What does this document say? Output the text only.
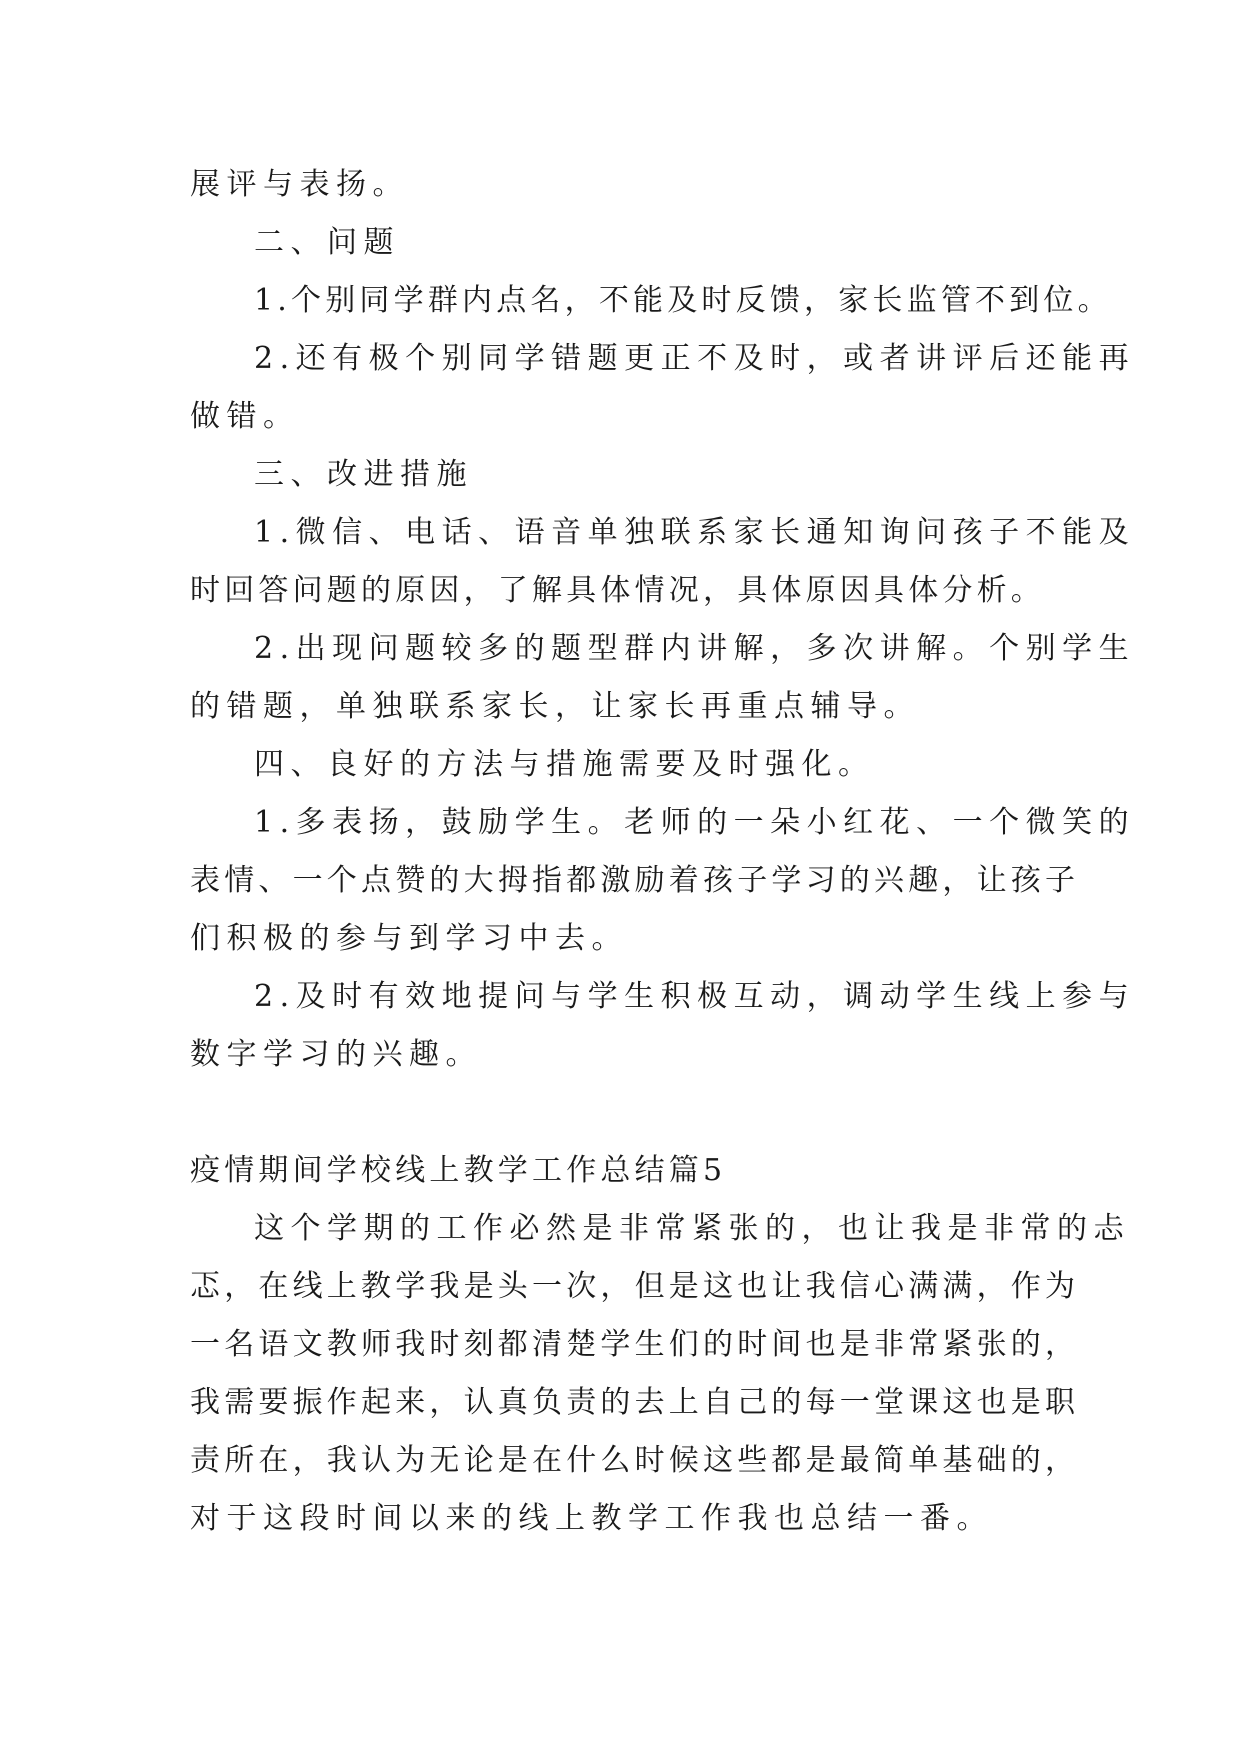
展评与表扬。
二、问题
1.个别同学群内点名，不能及时反馈，家长监管不到位。
2.还有极个别同学错题更正不及时，或者讲评后还能再
做错。
三、改进措施
1.微信、电话、语音单独联系家长通知询问孩子不能及
时回答问题的原因，了解具体情况，具体原因具体分析。
2.出现问题较多的题型群内讲解，多次讲解。个别学生
的错题，单独联系家长，让家长再重点辅导。
四、良好的方法与措施需要及时强化。
1.多表扬，鼓励学生。老师的一朵小红花、一个微笑的
表情、一个点赞的大拇指都激励着孩子学习的兴趣，让孩子
们积极的参与到学习中去。
2.及时有效地提问与学生积极互动，调动学生线上参与
数字学习的兴趣。
疫情期间学校线上教学工作总结篇5
这个学期的工作必然是非常紧张的，也让我是非常的忐
忑，在线上教学我是头一次，但是这也让我信心满满，作为
一名语文教师我时刻都清楚学生们的时间也是非常紧张的，
我需要振作起来，认真负责的去上自己的每一堂课这也是职
责所在，我认为无论是在什么时候这些都是最简单基础的，
对于这段时间以来的线上教学工作我也总结一番。
